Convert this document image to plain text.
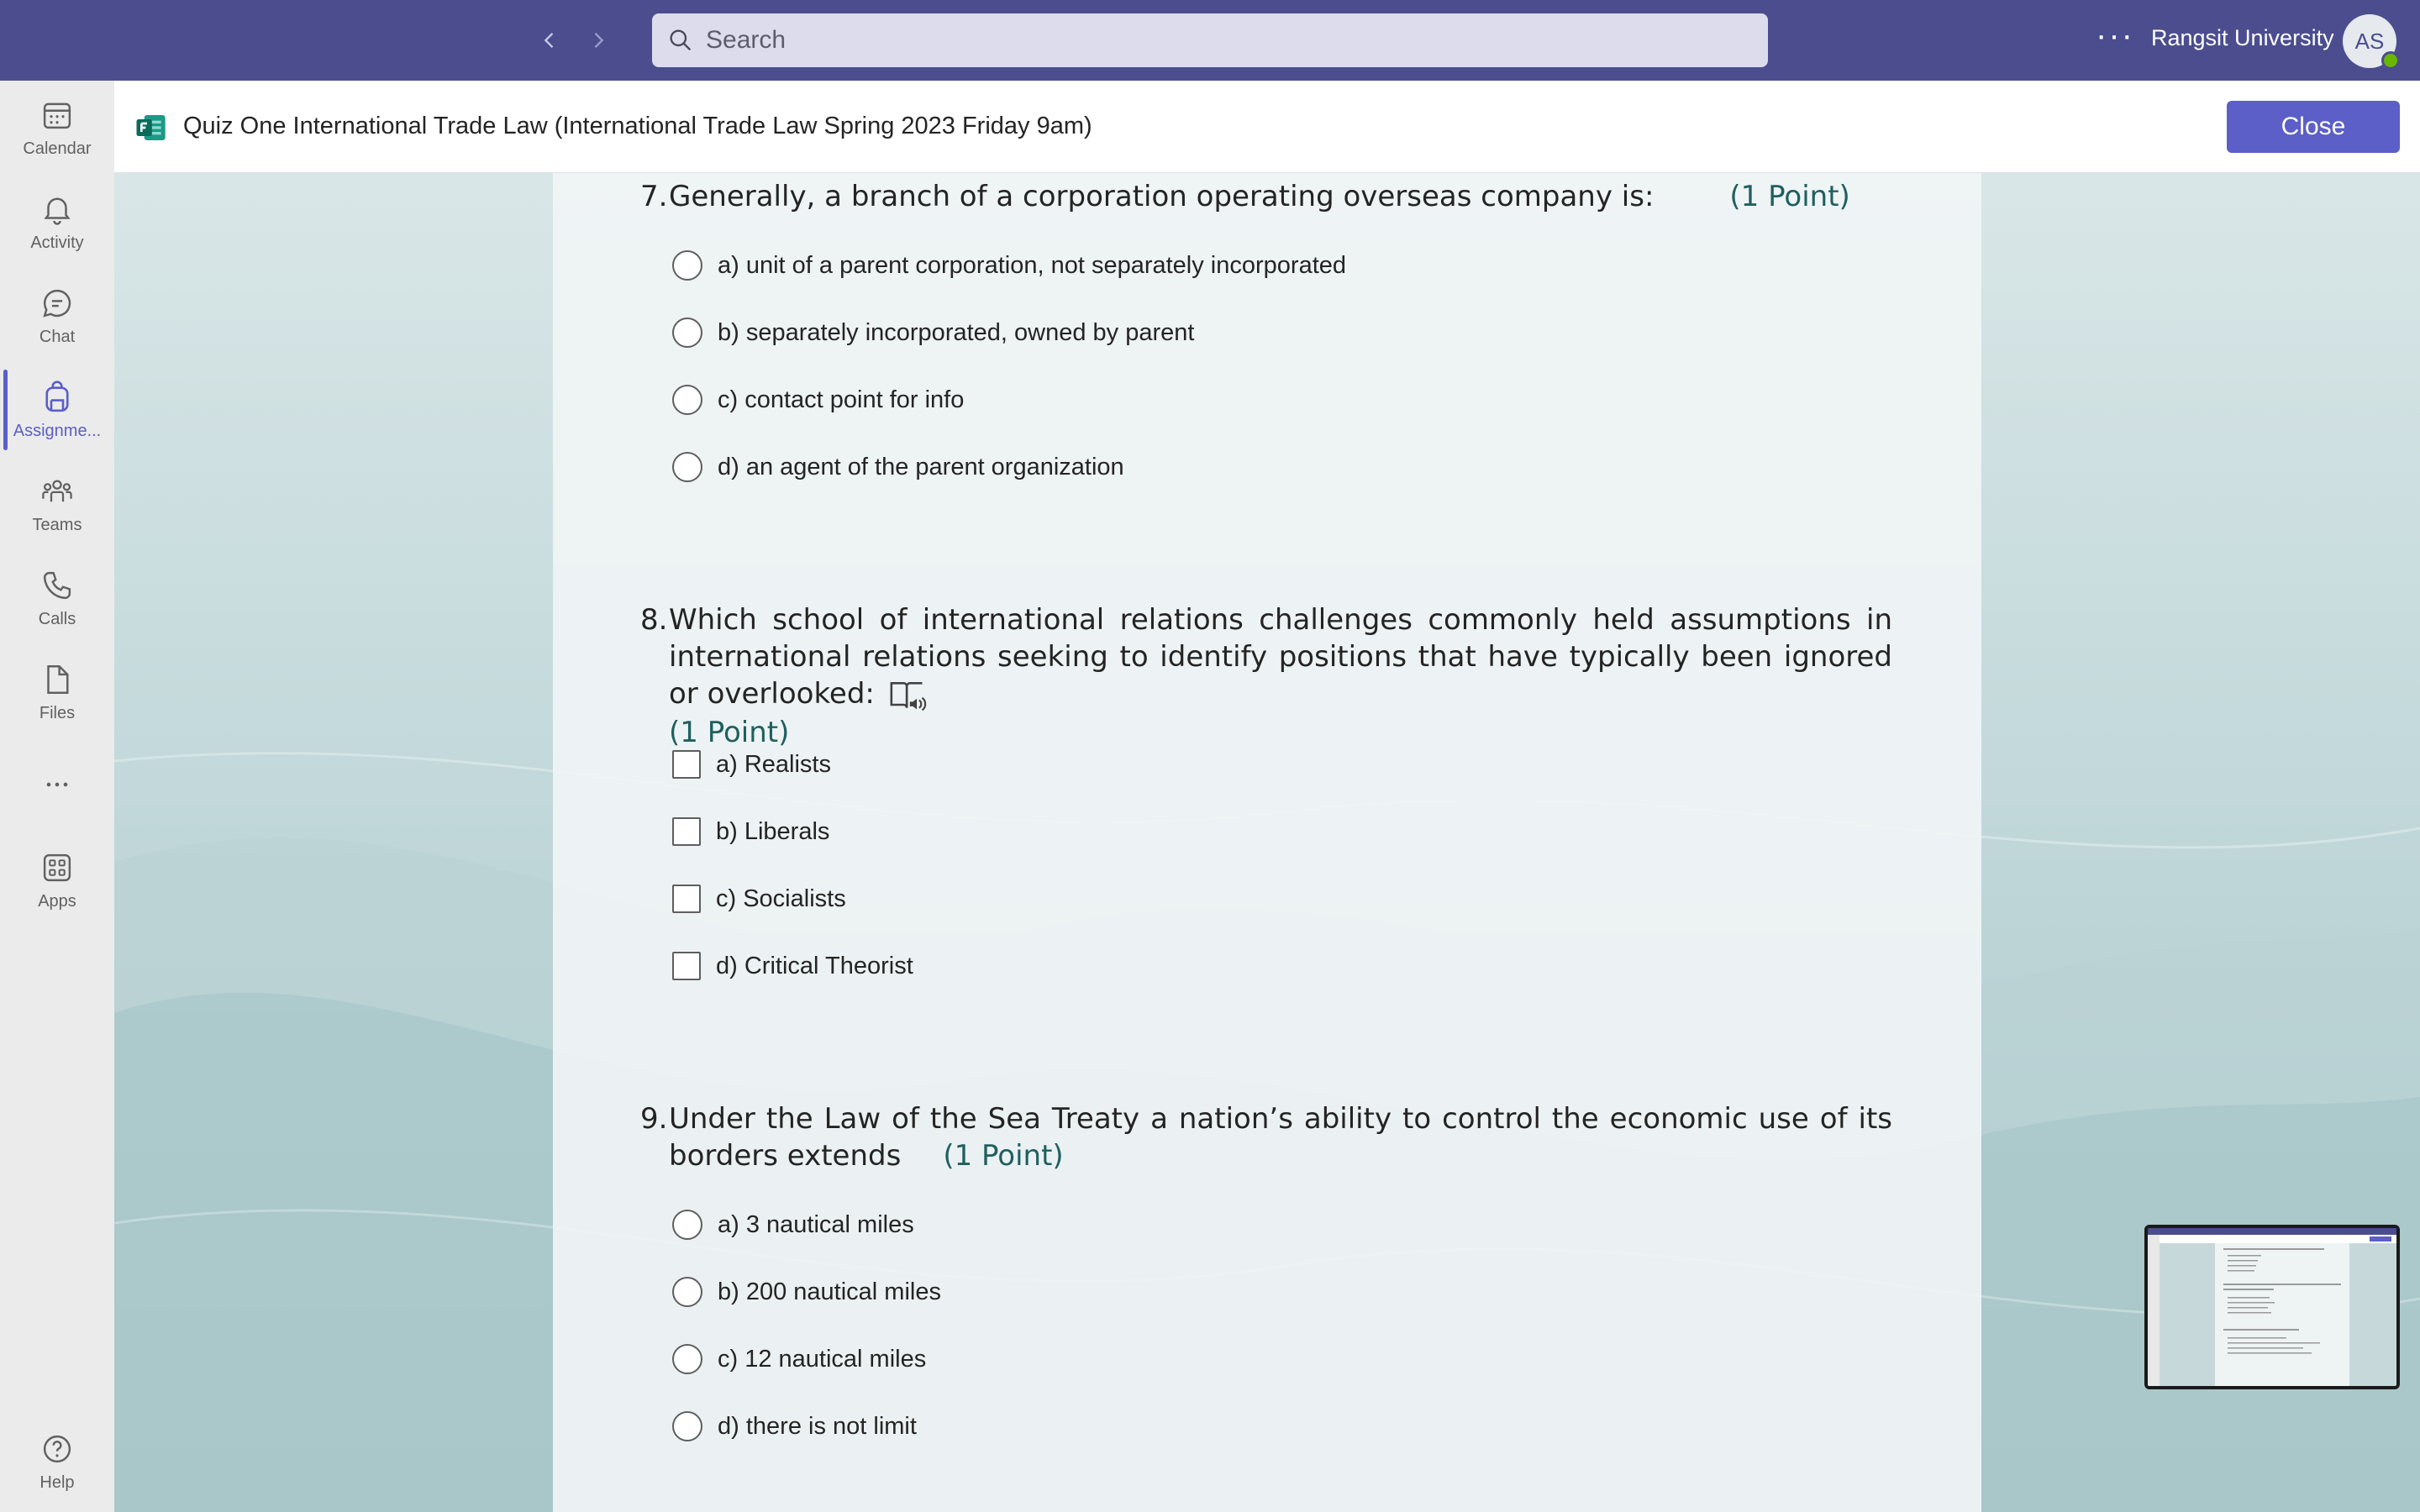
Search	··· Rangsit University AS
Calendar
Activity
Chat
Assignme...
Teams
Calls
Files
Apps
Help
Quiz One International Trade Law (International Trade Law Spring 2023 Friday 9am)	Close
7. Generally, a branch of a corporation operating overseas company is:	(1 Point)
a) unit of a parent corporation, not separately incorporated
b) separately incorporated, owned by parent
c) contact point for info
d) an agent of the parent organization
8. Which school of international relations challenges commonly held assumptions in international relations seeking to identify positions that have typically been ignored or overlooked:
(1 Point)
a) Realists
b) Liberals
c) Socialists
d) Critical Theorist
9. Under the Law of the Sea Treaty a nation’s ability to control the economic use of its borders extends (1 Point)
a) 3 nautical miles
b) 200 nautical miles
c) 12 nautical miles
d) there is not limit
